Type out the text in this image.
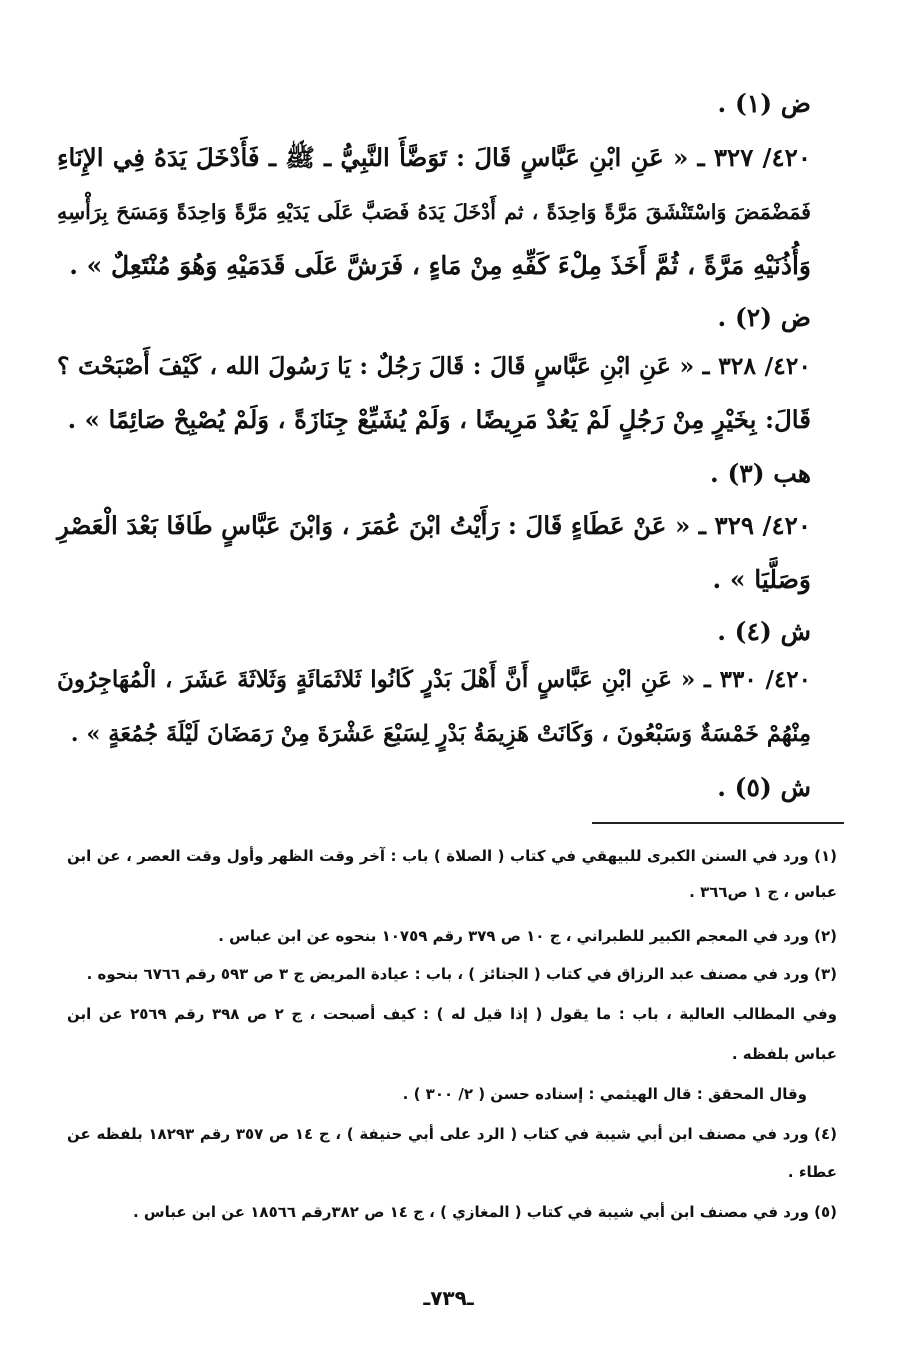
ض (١) .
٤٢٠/ ٣٢٧ ـ « عَنِ ابْنِ عَبَّاسٍ قَالَ : تَوَضَّأَ النَّبِيُّ ـ ﷺ ـ فَأَدْخَلَ يَدَهُ فِي الإِنَاءِ
فَمَضْمَضَ وَاسْتَنْشَقَ مَرَّةً وَاحِدَةً ، ثم أَدْخَلَ يَدَهُ فَصَبَّ عَلَى يَدَيْهِ مَرَّةً وَاحِدَةً وَمَسَحَ بِرَأْسِهِ
وَأُذُنَيْهِ مَرَّةً ، ثُمَّ أَخَذَ مِلْءَ كَفِّهِ مِنْ مَاءٍ ، فَرَشَّ عَلَى قَدَمَيْهِ وَهُوَ مُنْتَعِلٌ » .
ض (٢) .
٤٢٠/ ٣٢٨ ـ « عَنِ ابْنِ عَبَّاسٍ قَالَ : قَالَ رَجُلٌ : يَا رَسُولَ الله ، كَيْفَ أَصْبَحْتَ ؟
قَالَ: بِخَيْرٍ مِنْ رَجُلٍ لَمْ يَعُدْ مَرِيضًا ، وَلَمْ يُشَيِّعْ جِنَازَةً ، وَلَمْ يُصْبِحْ صَائِمًا » .
هب (٣) .
٤٢٠/ ٣٢٩ ـ « عَنْ عَطَاءٍ قَالَ : رَأَيْتُ ابْنَ عُمَرَ ، وَابْنَ عَبَّاسٍ طَافَا بَعْدَ الْعَصْرِ
وَصَلَّيَا » .
ش (٤) .
٤٢٠/ ٣٣٠ ـ « عَنِ ابْنِ عَبَّاسٍ أَنَّ أَهْلَ بَدْرٍ كَانُوا ثَلاثَمَائَةٍ وَثَلاثَةَ عَشَرَ ، الْمُهَاجِرُونَ
مِنْهُمْ خَمْسَةٌ وَسَبْعُونَ ، وَكَانَتْ هَزِيمَةُ بَدْرٍ لِسَبْعَ عَشْرَةَ مِنْ رَمَضَانَ لَيْلَةَ جُمُعَةٍ » .
ش (٥) .
(١) ورد في السنن الكبرى للبيهقي في كتاب ( الصلاة ) باب : آخر وقت الظهر وأول وقت العصر ، عن ابن
عباس ، ج ١ ص٣٦٦ .
(٢) ورد في المعجم الكبير للطبراني ، ج ١٠ ص ٣٧٩ رقم ١٠٧٥٩ بنحوه عن ابن عباس .
(٣) ورد في مصنف عبد الرزاق في كتاب ( الجنائز ) ، باب : عيادة المريض ج ٣ ص ٥٩٣ رقم ٦٧٦٦ بنحوه .
وفي المطالب العالية ، باب : ما يقول ( إذا قيل له ) : كيف أصبحت ، ج ٢ ص ٣٩٨ رقم ٢٥٦٩ عن ابن
عباس بلفظه .
وقال المحقق : قال الهيثمي : إسناده حسن ( ٢/ ٣٠٠ ) .
(٤) ورد في مصنف ابن أبي شيبة في كتاب ( الرد على أبي حنيفة ) ، ج ١٤ ص ٣٥٧ رقم ١٨٢٩٣ بلفظه عن
عطاء .
(٥) ورد في مصنف ابن أبي شيبة في كتاب ( المغازي ) ، ج ١٤ ص ٣٨٢رقم ١٨٥٦٦ عن ابن عباس .
ـ٧٣٩ـ
